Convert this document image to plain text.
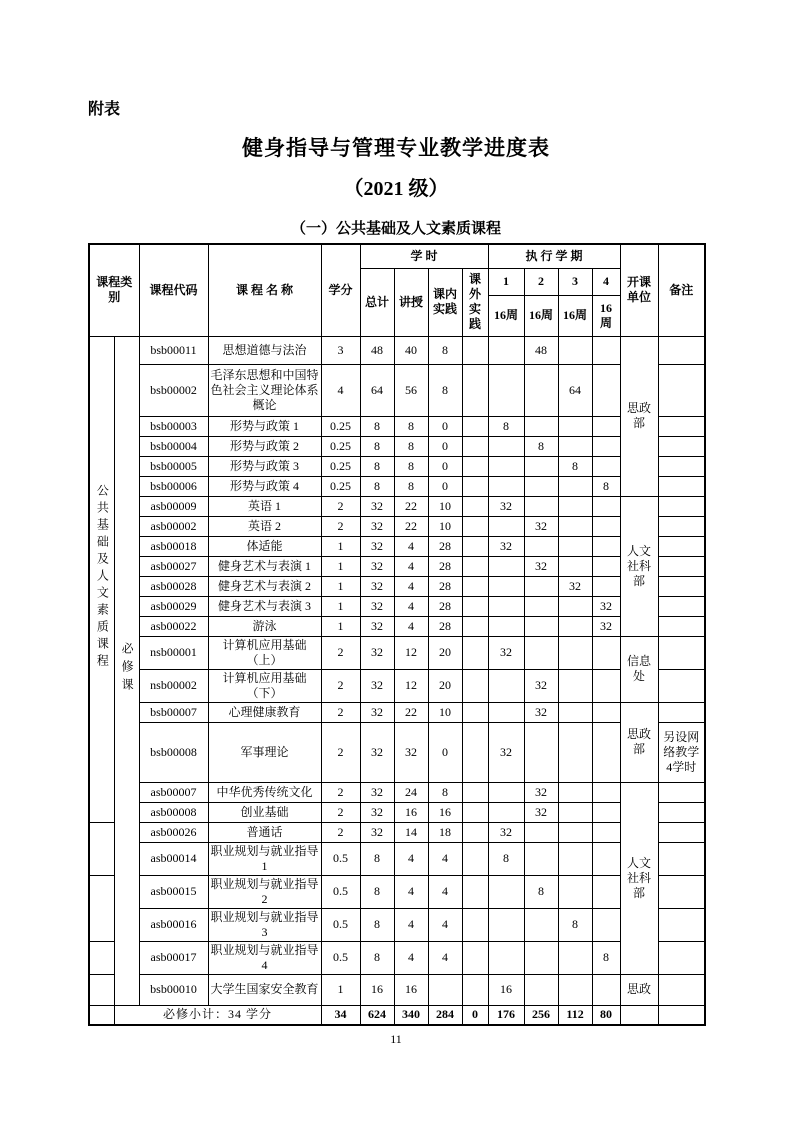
附表
健身指导与管理专业教学进度表
（2021 级）
（一）公共基础及人文素质课程
课程类别		课程代码	课 程 名 称	学分	学 时				执 行 学 期				开课单位	备注
					总计	讲授	课内实践	课外实践	1	2	3	4		
									16周	16周	16周	16周		
公共基础及人文素质课程	必修课	bsb00011	思想道德与法治	3	48	40	8			48			思政部	
		bsb00002	毛泽东思想和中国特色社会主义理论体系概论	4	64	56	8				64			
		bsb00003	形势与政策 1	0.25	8	8	0		8					
		bsb00004	形势与政策 2	0.25	8	8	0			8				
		bsb00005	形势与政策 3	0.25	8	8	0				8			
		bsb00006	形势与政策 4	0.25	8	8	0					8		
		asb00009	英语 1	2	32	22	10		32				人文社科部	
		asb00002	英语 2	2	32	22	10			32				
		asb00018	体适能	1	32	4	28		32					
		asb00027	健身艺术与表演 1	1	32	4	28			32				
		asb00028	健身艺术与表演 2	1	32	4	28				32			
		asb00029	健身艺术与表演 3	1	32	4	28					32		
		asb00022	游泳	1	32	4	28					32		
		nsb00001	计算机应用基础（上）	2	32	12	20		32				信息处	
		nsb00002	计算机应用基础（下）	2	32	12	20			32				
		bsb00007	心理健康教育	2	32	22	10			32			思政部	
		bsb00008	军事理论	2	32	32	0		32					另设网络教学4学时
		asb00007	中华优秀传统文化	2	32	24	8			32			人文社科部	
		asb00008	创业基础	2	32	16	16			32				
		asb00026	普通话	2	32	14	18		32					
		asb00014	职业规划与就业指导 1	0.5	8	4	4		8					
		asb00015	职业规划与就业指导 2	0.5	8	4	4			8				
		asb00016	职业规划与就业指导 3	0.5	8	4	4				8			
		asb00017	职业规划与就业指导 4	0.5	8	4	4					8		
		bsb00010	大学生国家安全教育	1	16	16			16				思政	
	必修小计：34 学分			34	624	340	284	0	176	256	112	80		
11
